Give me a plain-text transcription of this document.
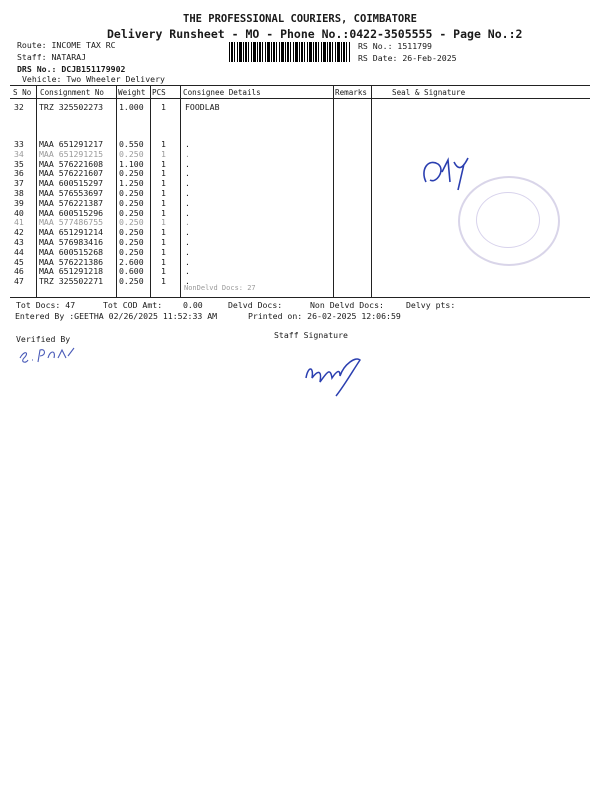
THE PROFESSIONAL COURIERS, COIMBATORE
Delivery Runsheet - MO - Phone No.:0422-3505555 - Page No.:2
Route: INCOME TAX RC
Staff: NATARAJ
DRS No.: DCJB151179902
Vehicle: Two Wheeler Delivery
RS No.: 1511799
RS Date: 26-Feb-2025
S No Consignment No Weight PCS Consignee Details	Remarks	Seal & Signature
32 TRZ 325502273 1.000 1 FOODLAB
33 MAA 651291217 0.550 1 .
34 MAA 651291215 0.250 1 .
35 MAA 576221608 1.100 1 .
36 MAA 576221607 0.250 1 .
37 MAA 600515297 1.250 1 .
38 MAA 576553697 0.250 1 .
39 MAA 576221387 0.250 1 .
40 MAA 600515296 0.250 1 .
41 MAA 577486755 0.250 1 .
42 MAA 651291214 0.250 1 .
43 MAA 576983416 0.250 1 .
44 MAA 600515268 0.250 1 .
45 MAA 576221386 2.600 1 .
46 MAA 651291218 0.600 1 .
47 TRZ 325502271 0.250 1 .
NonDelvd Docs: 27
Tot Docs: 47	Tot COD Amt:	0.00	Delvd Docs:	Non Delvd Docs:	Delvy pts:
Entered By :GEETHA 02/26/2025 11:52:33 AM	Printed on: 26-02-2025 12:06:59
Verified By	Staff Signature
